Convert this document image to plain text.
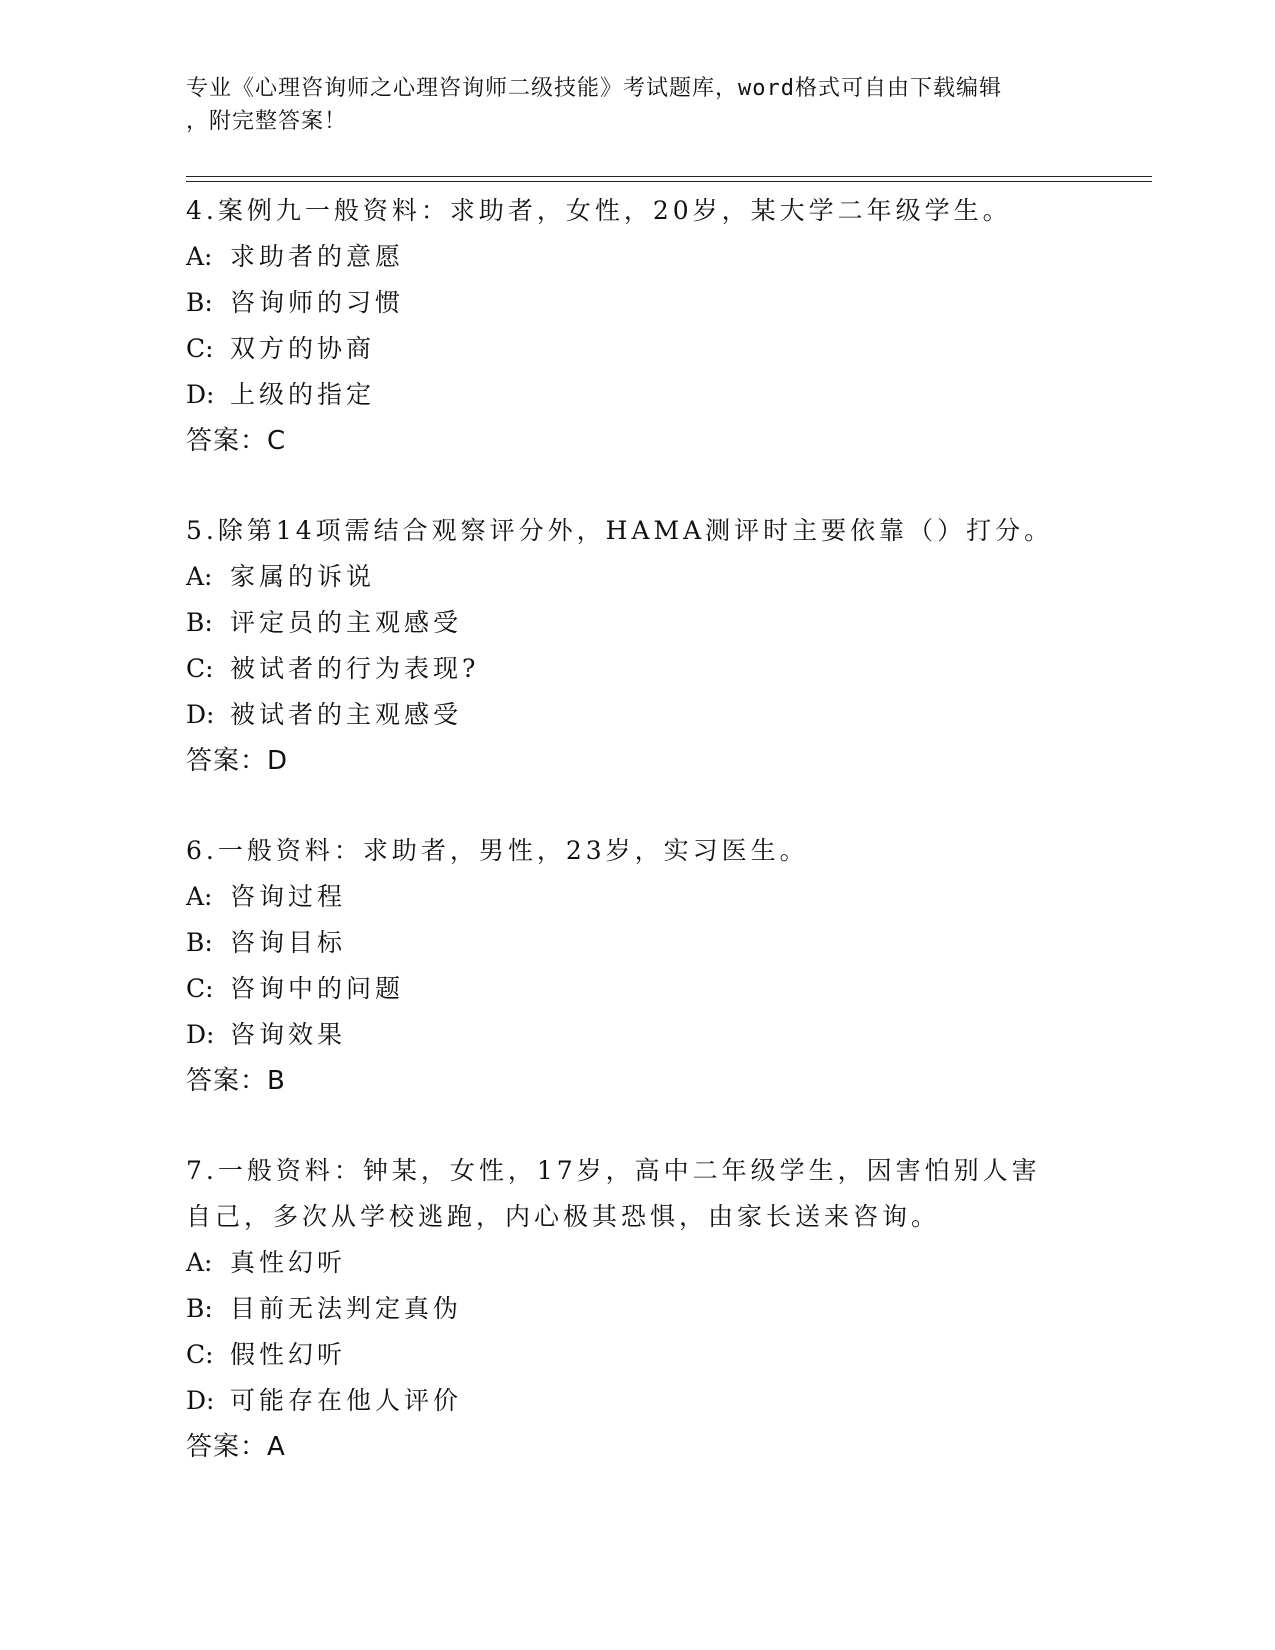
专业《心理咨询师之心理咨询师二级技能》考试题库，word格式可自由下载编辑
，附完整答案！

4.案例九一般资料：求助者，女性，20岁，某大学二年级学生。

A: 求助者的意愿

B: 咨询师的习惯

C: 双方的协商

D: 上级的指定

答案：C

5.除第14项需结合观察评分外，HAMA测评时主要依靠（）打分。

A: 家属的诉说

B: 评定员的主观感受

C: 被试者的行为表现?

D: 被试者的主观感受

答案：D

6.一般资料：求助者，男性，23岁，实习医生。

A: 咨询过程

B: 咨询目标

C: 咨询中的问题

D: 咨询效果

答案：B

7.一般资料：钟某，女性，17岁，高中二年级学生，因害怕别人害自己，多次从学校逃跑，内心极其恐惧，由家长送来咨询。

A: 真性幻听

B: 目前无法判定真伪

C: 假性幻听

D: 可能存在他人评价

答案：A
